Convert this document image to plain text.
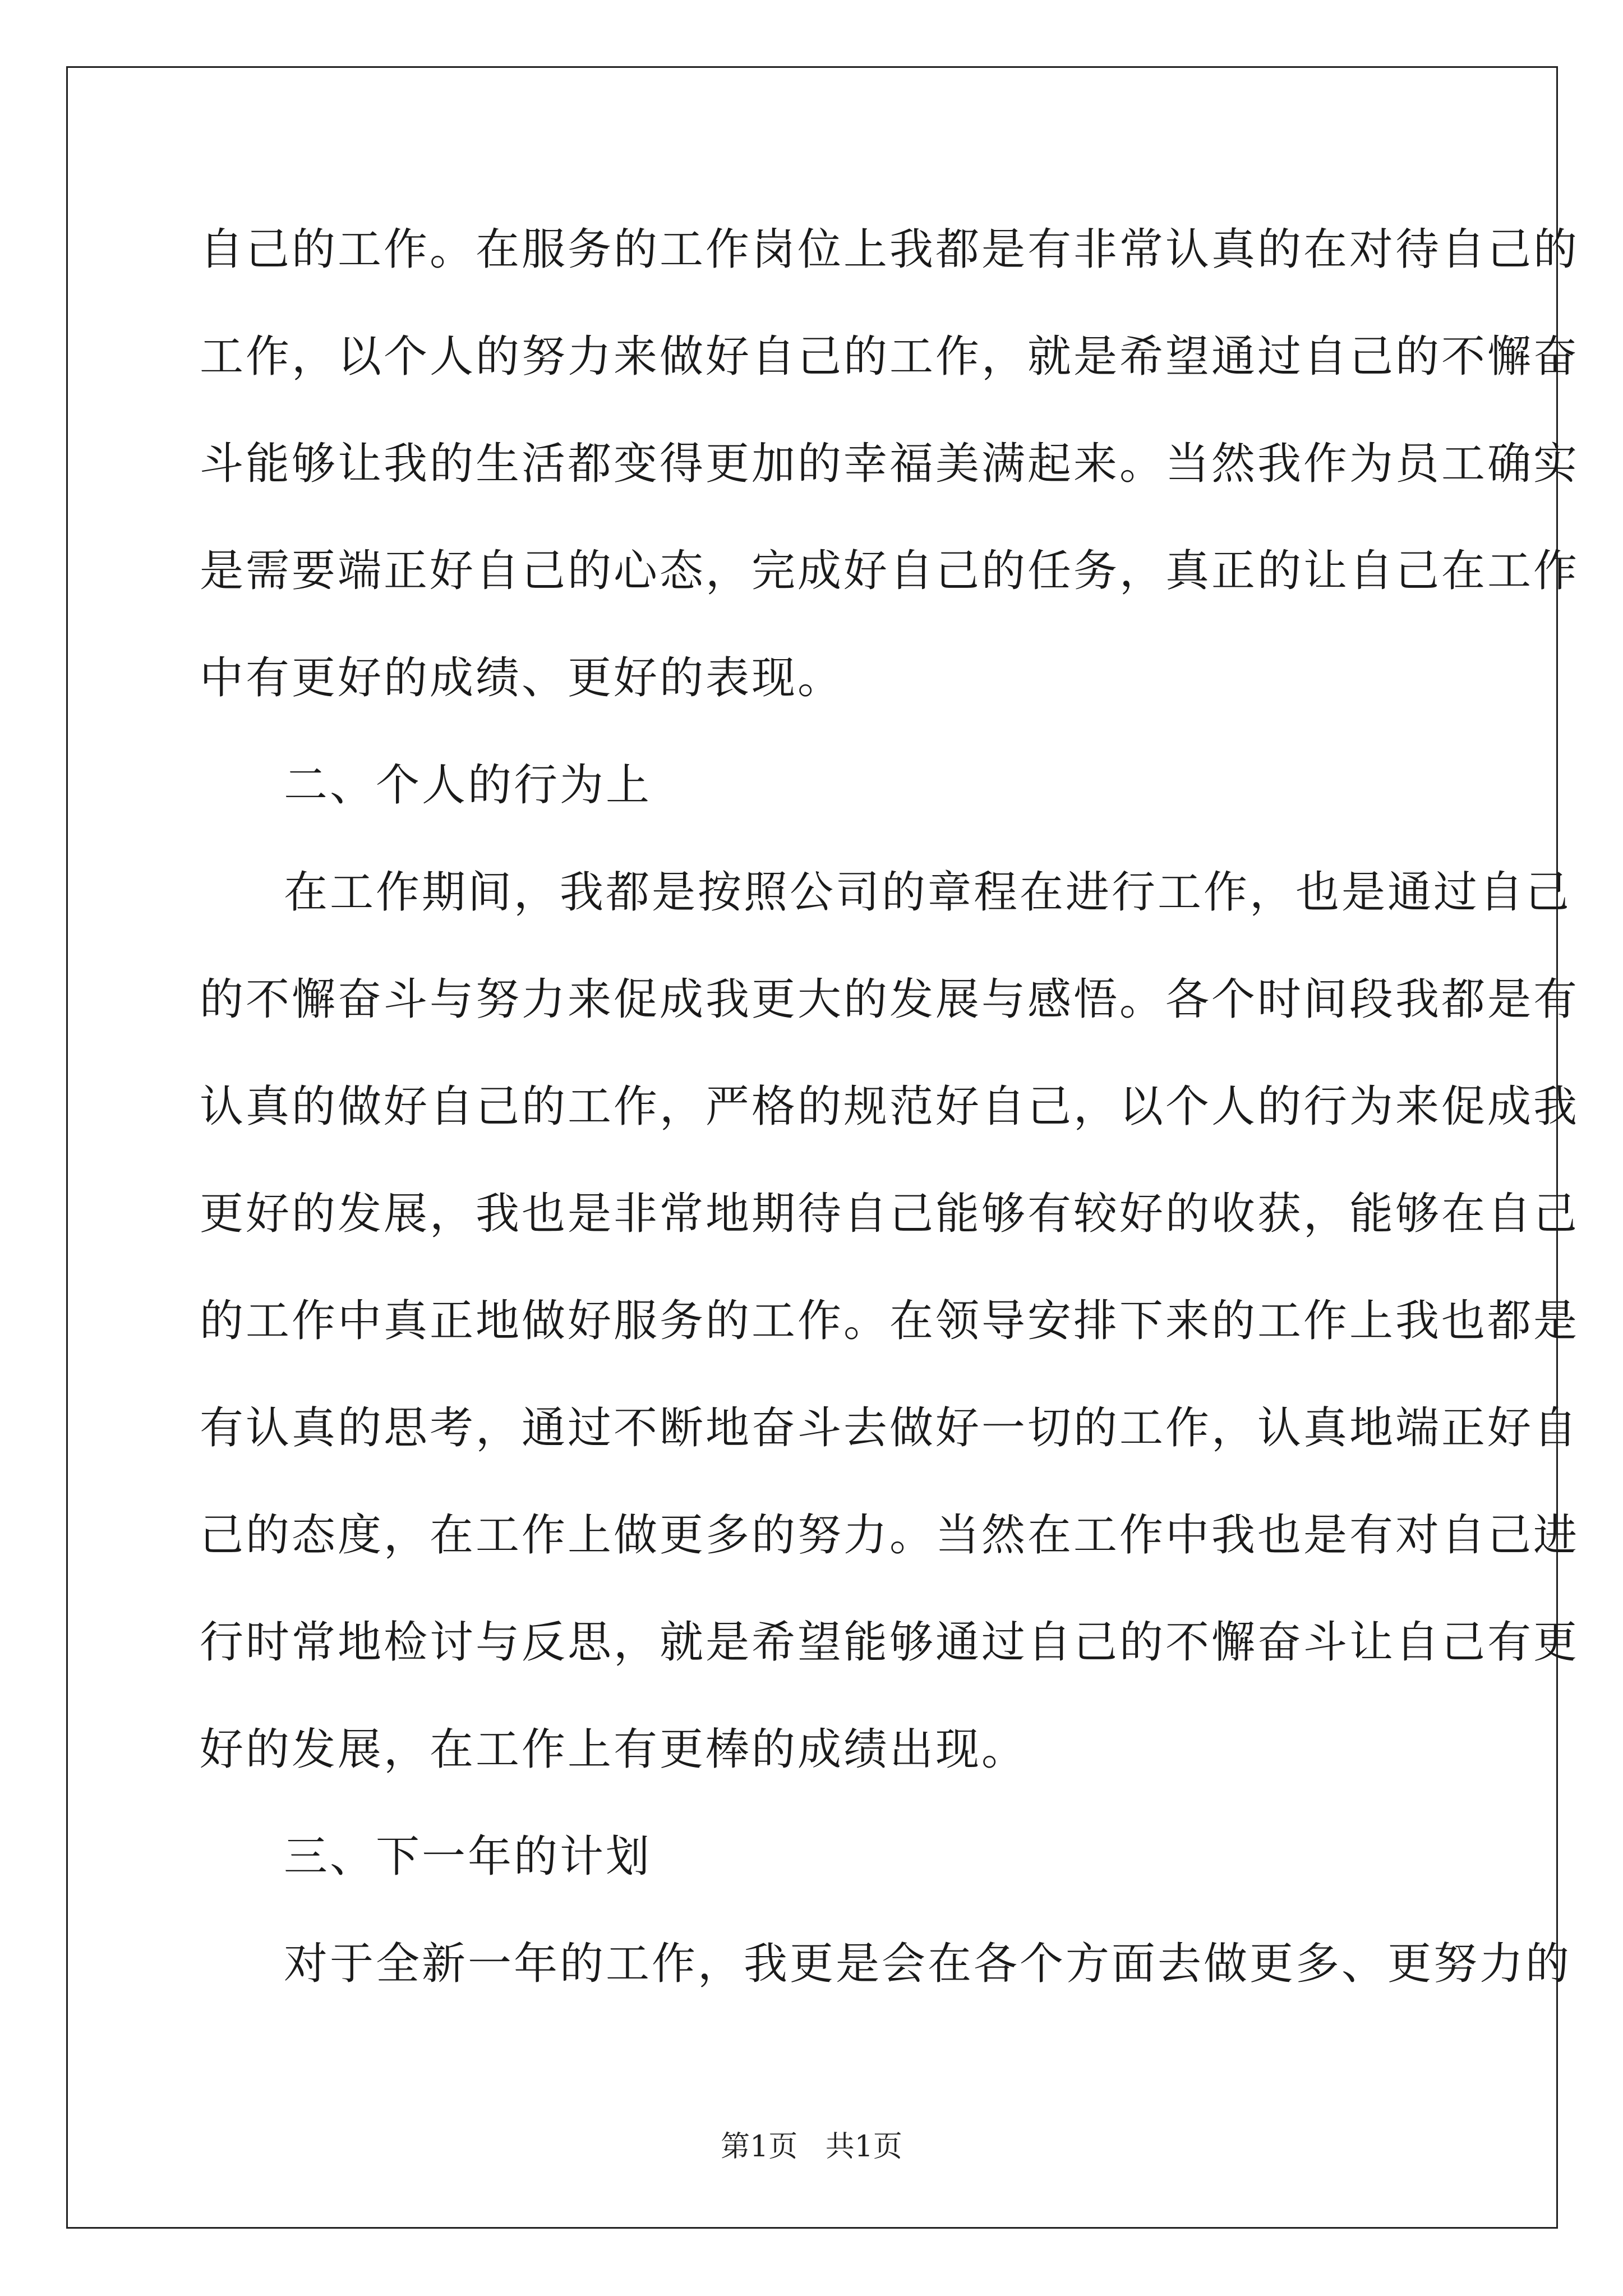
自己的工作。在服务的工作岗位上我都是有非常认真的在对待自己的
工作，以个人的努力来做好自己的工作，就是希望通过自己的不懈奋
斗能够让我的生活都变得更加的幸福美满起来。当然我作为员工确实
是需要端正好自己的心态，完成好自己的任务，真正的让自己在工作
中有更好的成绩、更好的表现。
二、个人的行为上
在工作期间，我都是按照公司的章程在进行工作，也是通过自己
的不懈奋斗与努力来促成我更大的发展与感悟。各个时间段我都是有
认真的做好自己的工作，严格的规范好自己，以个人的行为来促成我
更好的发展，我也是非常地期待自己能够有较好的收获，能够在自己
的工作中真正地做好服务的工作。在领导安排下来的工作上我也都是
有认真的思考，通过不断地奋斗去做好一切的工作，认真地端正好自
己的态度，在工作上做更多的努力。当然在工作中我也是有对自己进
行时常地检讨与反思，就是希望能够通过自己的不懈奋斗让自己有更
好的发展，在工作上有更棒的成绩出现。
三、下一年的计划
对于全新一年的工作，我更是会在各个方面去做更多、更努力的
第1页   共1页
